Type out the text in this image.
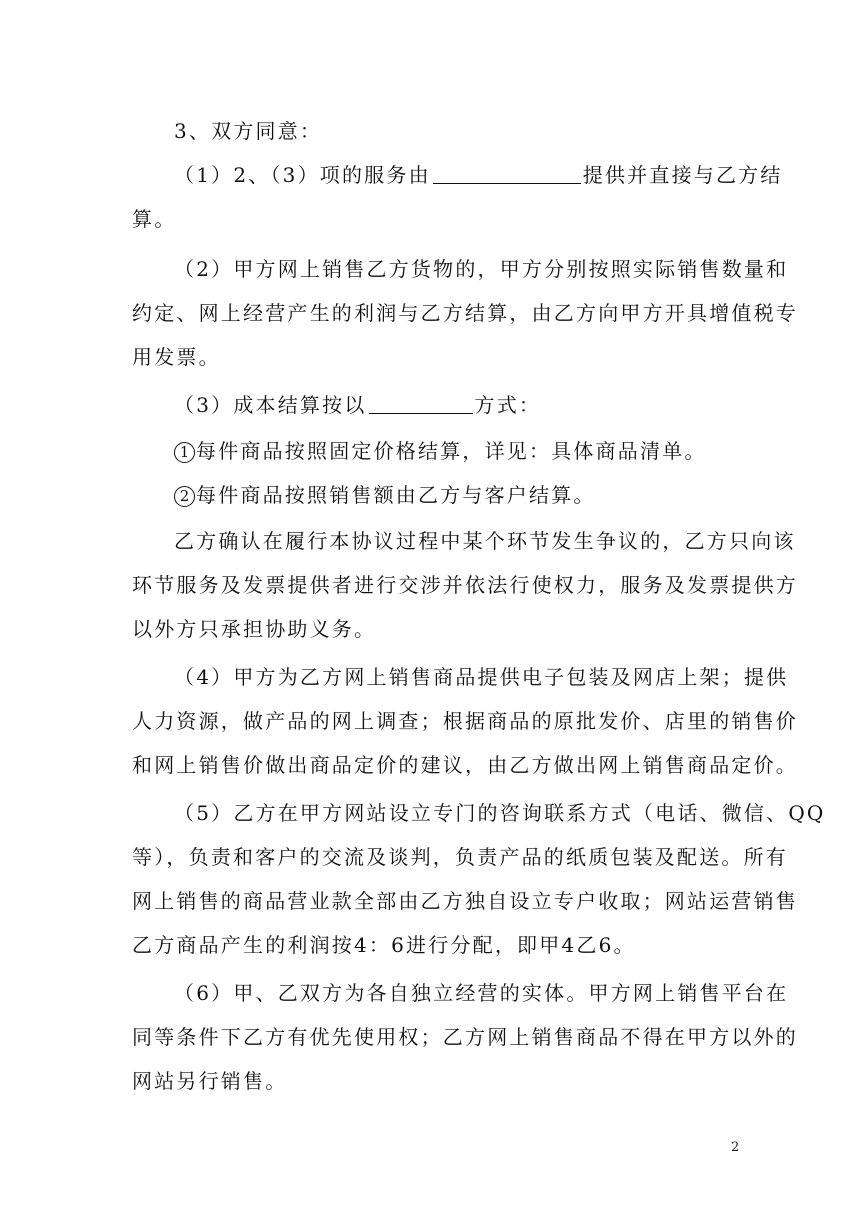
3、双方同意：
（1）2、（3）项的服务由	提供并直接与乙方结
算。
（2）甲方网上销售乙方货物的，甲方分别按照实际销售数量和
约定、网上经营产生的利润与乙方结算，由乙方向甲方开具增值税专
用发票。
（3）成本结算按以	方式：
1 每件商品按照固定价格结算，详见：具体商品清单。
2 每件商品按照销售额由乙方与客户结算。
乙方确认在履行本协议过程中某个环节发生争议的，乙方只向该
环节服务及发票提供者进行交涉并依法行使权力，服务及发票提供方
以外方只承担协助义务。
（4）甲方为乙方网上销售商品提供电子包装及网店上架；提供
人力资源，做产品的网上调查；根据商品的原批发价、店里的销售价
和网上销售价做出商品定价的建议，由乙方做出网上销售商品定价。
（5）乙方在甲方网站设立专门的咨询联系方式（电话、微信、QQ
等），负责和客户的交流及谈判，负责产品的纸质包装及配送。所有
网上销售的商品营业款全部由乙方独自设立专户收取；网站运营销售
乙方商品产生的利润按4：6进行分配，即甲4乙6。
（6）甲、乙双方为各自独立经营的实体。甲方网上销售平台在
同等条件下乙方有优先使用权；乙方网上销售商品不得在甲方以外的
网站另行销售。
2
